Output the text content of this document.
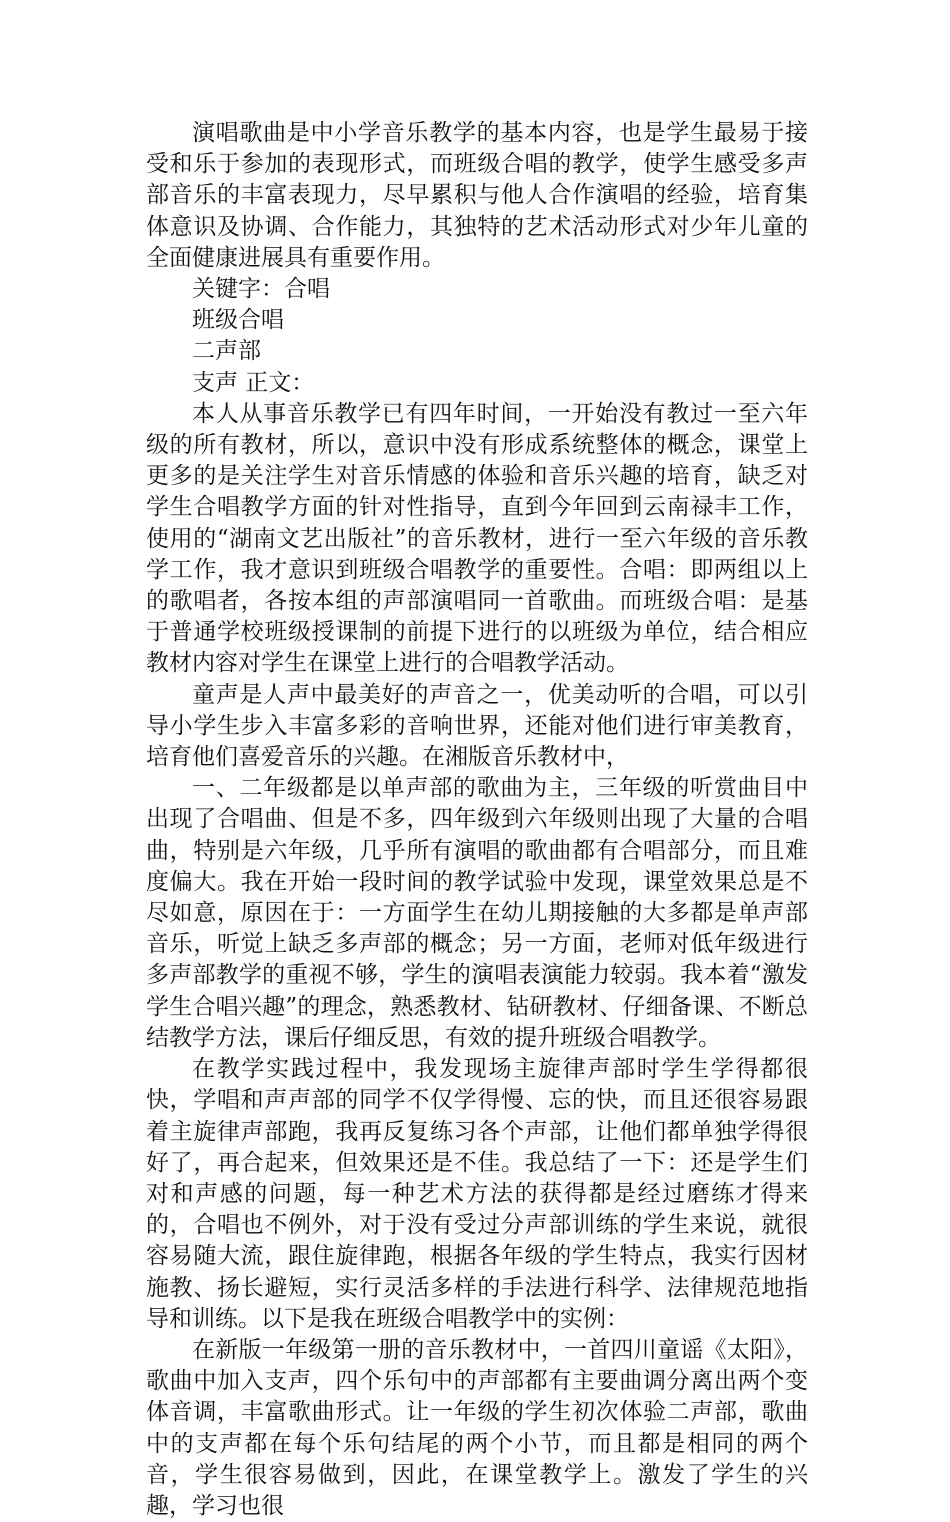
演唱歌曲是中小学音乐教学的基本内容，也是学生最易于接受和乐于参加的表现形式，而班级合唱的教学，使学生感受多声部音乐的丰富表现力，尽早累积与他人合作演唱的经验，培育集体意识及协调、合作能力，其独特的艺术活动形式对少年儿童的全面健康进展具有重要作用。

关键字：合唱

班级合唱

二声部

支声 正文：

本人从事音乐教学已有四年时间，一开始没有教过一至六年级的所有教材，所以，意识中没有形成系统整体的概念，课堂上更多的是关注学生对音乐情感的体验和音乐兴趣的培育，缺乏对学生合唱教学方面的针对性指导，直到今年回到云南禄丰工作，使用的“湖南文艺出版社”的音乐教材，进行一至六年级的音乐教学工作，我才意识到班级合唱教学的重要性。合唱：即两组以上的歌唱者，各按本组的声部演唱同一首歌曲。而班级合唱：是基于普通学校班级授课制的前提下进行的以班级为单位，结合相应教材内容对学生在课堂上进行的合唱教学活动。

童声是人声中最美好的声音之一，优美动听的合唱，可以引导小学生步入丰富多彩的音响世界，还能对他们进行审美教育，培育他们喜爱音乐的兴趣。在湘版音乐教材中，

一、二年级都是以单声部的歌曲为主，三年级的听赏曲目中出现了合唱曲、但是不多，四年级到六年级则出现了大量的合唱曲，特别是六年级，几乎所有演唱的歌曲都有合唱部分，而且难度偏大。我在开始一段时间的教学试验中发现，课堂效果总是不尽如意，原因在于：一方面学生在幼儿期接触的大多都是单声部音乐，听觉上缺乏多声部的概念；另一方面，老师对低年级进行多声部教学的重视不够，学生的演唱表演能力较弱。我本着“激发学生合唱兴趣”的理念，熟悉教材、钻研教材、仔细备课、不断总结教学方法，课后仔细反思，有效的提升班级合唱教学。

在教学实践过程中，我发现场主旋律声部时学生学得都很快，学唱和声声部的同学不仅学得慢、忘的快，而且还很容易跟着主旋律声部跑，我再反复练习各个声部，让他们都单独学得很好了，再合起来，但效果还是不佳。我总结了一下：还是学生们对和声感的问题，每一种艺术方法的获得都是经过磨练才得来的，合唱也不例外，对于没有受过分声部训练的学生来说，就很容易随大流，跟住旋律跑，根据各年级的学生特点，我实行因材施教、扬长避短，实行灵活多样的手法进行科学、法律规范地指导和训练。以下是我在班级合唱教学中的实例：

在新版一年级第一册的音乐教材中，一首四川童谣《太阳》，歌曲中加入支声，四个乐句中的声部都有主要曲调分离出两个变体音调，丰富歌曲形式。让一年级的学生初次体验二声部，歌曲中的支声都在每个乐句结尾的两个小节，而且都是相同的两个音，学生很容易做到，因此，在课堂教学上。激发了学生的兴趣，学习也很
